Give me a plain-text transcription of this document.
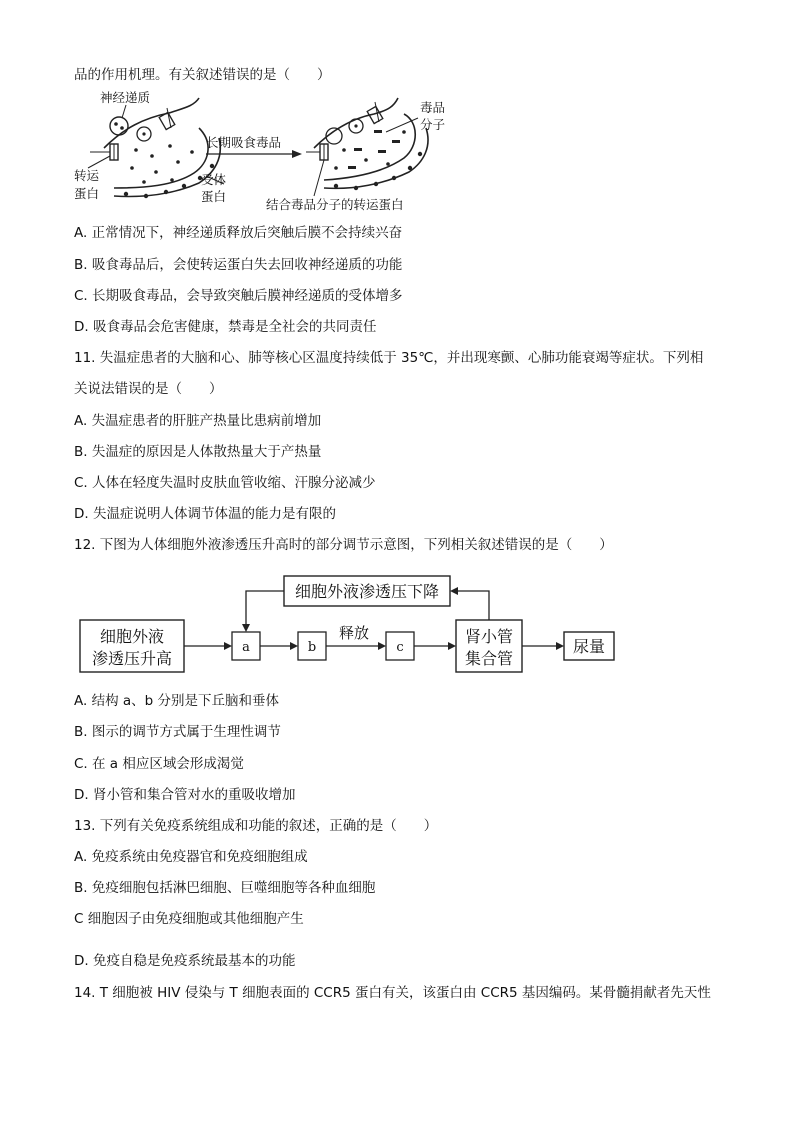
品的作用机理。有关叙述错误的是（　　）
神经递质
转运
蛋白
受体
蛋白
长期吸食毒品
毒品
分子
结合毒品分子的转运蛋白
A. 正常情况下，神经递质释放后突触后膜不会持续兴奋
B. 吸食毒品后，会使转运蛋白失去回收神经递质的功能
C. 长期吸食毒品，会导致突触后膜神经递质的受体增多
D. 吸食毒品会危害健康，禁毒是全社会的共同责任
11. 失温症患者的大脑和心、肺等核心区温度持续低于 35℃，并出现寒颤、心肺功能衰竭等症状。下列相
关说法错误的是（　　）
A. 失温症患者的肝脏产热量比患病前增加
B. 失温症的原因是人体散热量大于产热量
C. 人体在轻度失温时皮肤血管收缩、汗腺分泌减少
D. 失温症说明人体调节体温的能力是有限的
12. 下图为人体细胞外液渗透压升高时的部分调节示意图，下列相关叙述错误的是（　　）
细胞外液渗透压下降
细胞外液
渗透压升高
a	b
释放
c
肾小管
集合管
尿量
A. 结构 a、b 分别是下丘脑和垂体
B. 图示的调节方式属于生理性调节
C. 在 a 相应区域会形成渴觉
D. 肾小管和集合管对水的重吸收增加
13. 下列有关免疫系统组成和功能的叙述，正确的是（　　）
A. 免疫系统由免疫器官和免疫细胞组成
B. 免疫细胞包括淋巴细胞、巨噬细胞等各种血细胞
C 细胞因子由免疫细胞或其他细胞产生
D. 免疫自稳是免疫系统最基本的功能
14. T 细胞被 HIV 侵染与 T 细胞表面的 CCR5 蛋白有关，该蛋白由 CCR5 基因编码。某骨髓捐献者先天性
